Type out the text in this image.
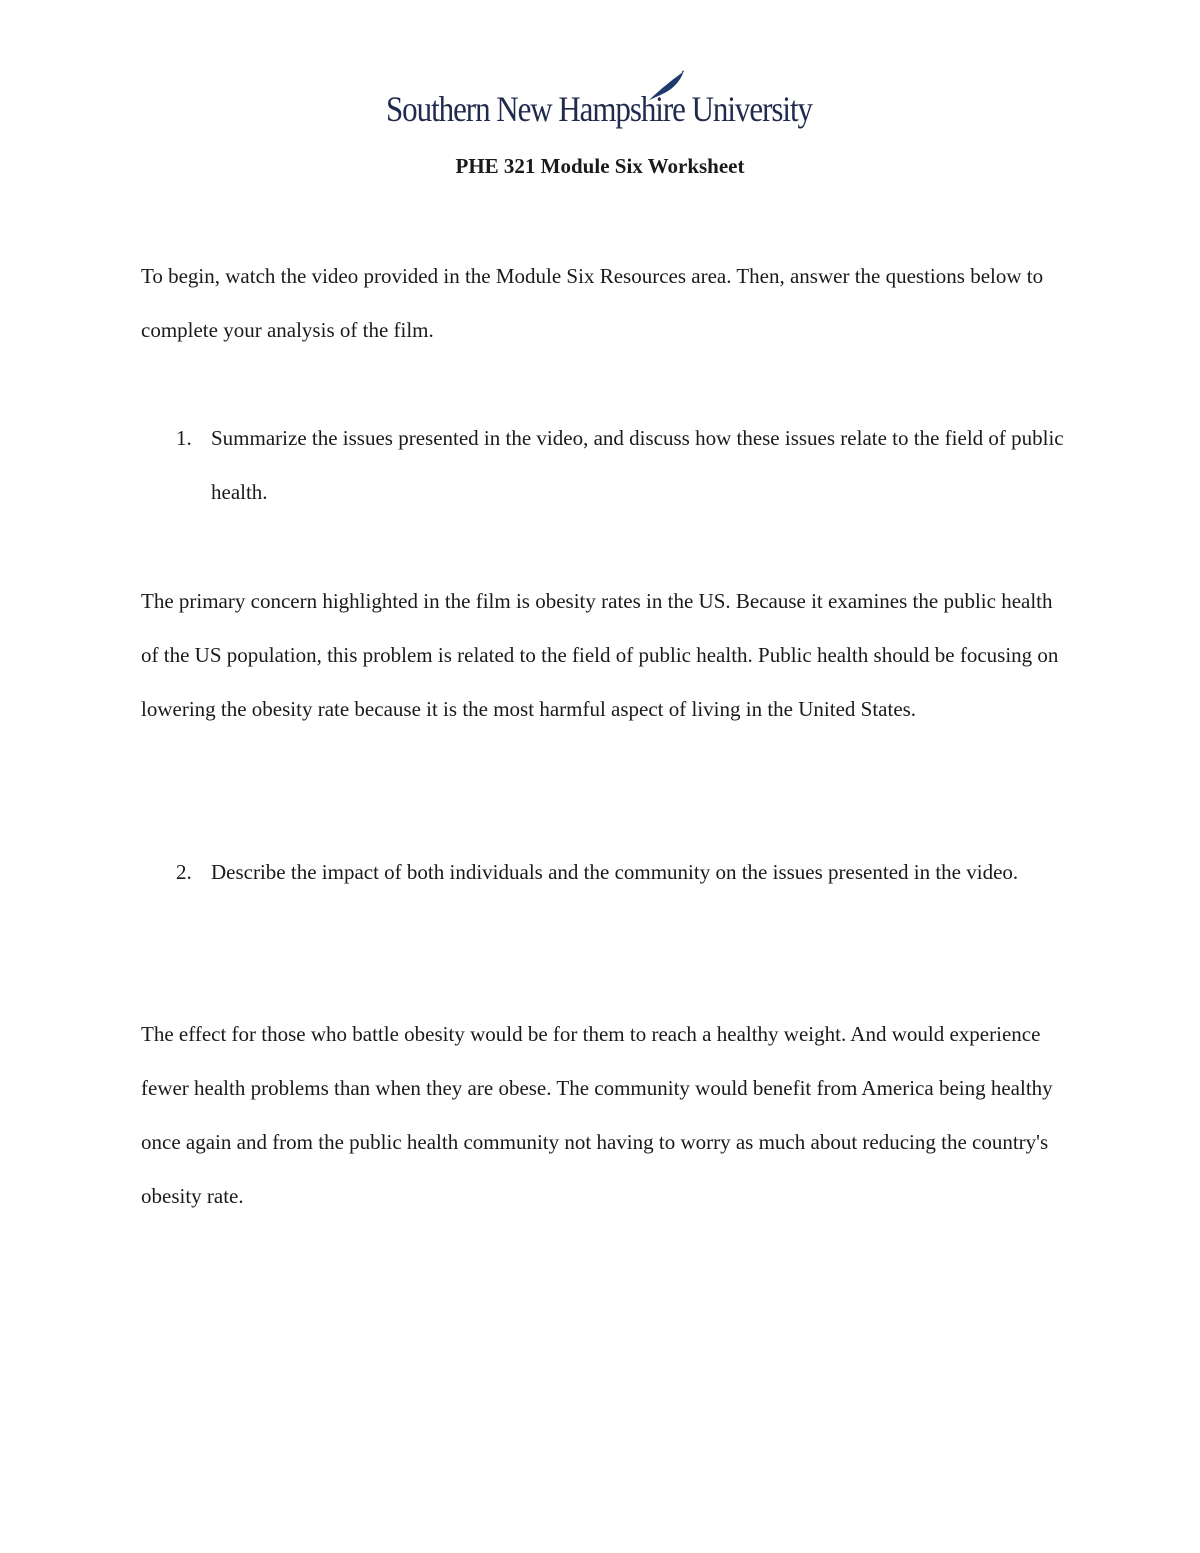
Southern New Hampshire University
PHE 321 Module Six Worksheet

To begin, watch the video provided in the Module Six Resources area. Then, answer the questions below to complete your analysis of the film.

1. Summarize the issues presented in the video, and discuss how these issues relate to the field of public health.

The primary concern highlighted in the film is obesity rates in the US. Because it examines the public health of the US population, this problem is related to the field of public health. Public health should be focusing on lowering the obesity rate because it is the most harmful aspect of living in the United States.

2. Describe the impact of both individuals and the community on the issues presented in the video.

The effect for those who battle obesity would be for them to reach a healthy weight. And would experience fewer health problems than when they are obese. The community would benefit from America being healthy once again and from the public health community not having to worry as much about reducing the country's obesity rate.
